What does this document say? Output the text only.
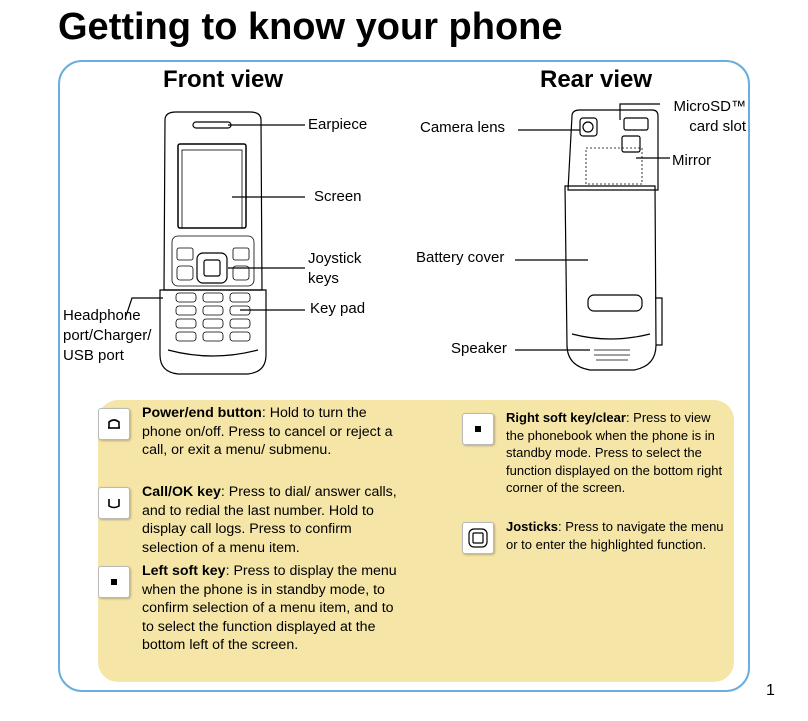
Getting to know your phone
Front view	Rear view
Earpiece
Screen
Joystick keys
Key pad
Headphone port/Charger/ USB port
MicroSD™ card slot
Camera lens
Mirror
Battery cover
Speaker
Power/end button: Hold to turn the phone on/off. Press to cancel or reject a call, or exit a menu/ submenu.
Call/OK key: Press to dial/ answer calls, and to redial the last number. Hold to display call logs. Press to confirm selection of a menu item.
Left soft key: Press to display the menu when the phone is in standby mode, to confirm selection of a menu item, and to to select the function displayed at the bottom left of the screen.
Right soft key/clear: Press to view the phonebook when the phone is in standby mode. Press to select the function displayed on the bottom right corner of the screen.
Josticks: Press to navigate the menu or to enter the highlighted function.
1
